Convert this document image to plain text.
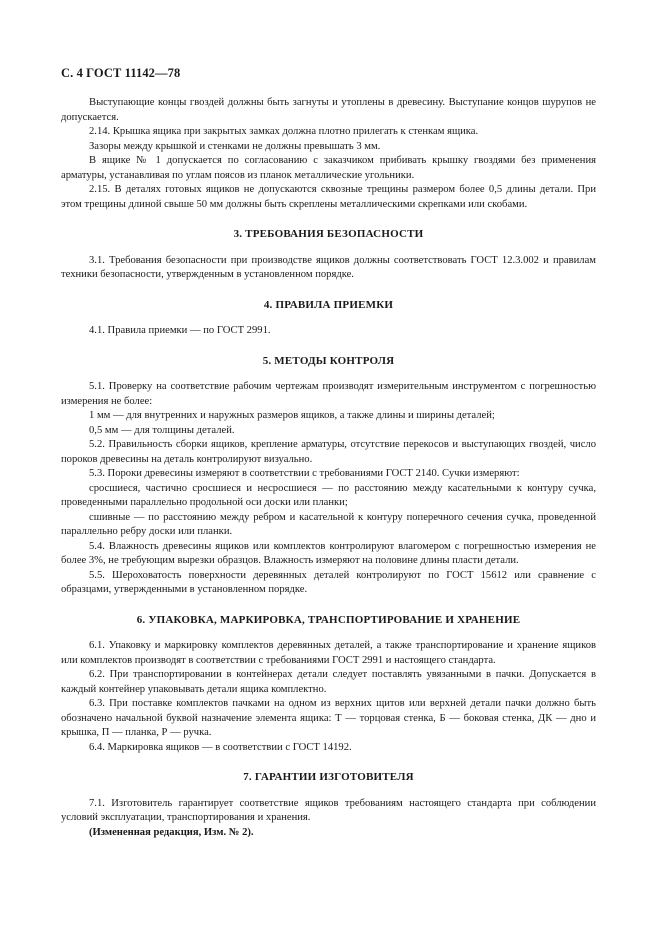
С. 4 ГОСТ 11142—78

Выступающие концы гвоздей должны быть загнуты и утоплены в древесину. Выступание концов шурупов не допускается.

2.14. Крышка ящика при закрытых замках должна плотно прилегать к стенкам ящика.

Зазоры между крышкой и стенками не должны превышать 3 мм.

В ящике № 1 допускается по согласованию с заказчиком прибивать крышку гвоздями без применения арматуры, устанавливая по углам поясов из планок металлические угольники.

2.15. В деталях готовых ящиков не допускаются сквозные трещины размером более 0,5 длины детали. При этом трещины длиной свыше 50 мм должны быть скреплены металлическими скрепками или скобами.

3. ТРЕБОВАНИЯ БЕЗОПАСНОСТИ

3.1. Требования безопасности при производстве ящиков должны соответствовать ГОСТ 12.3.002 и правилам техники безопасности, утвержденным в установленном порядке.

4. ПРАВИЛА ПРИЕМКИ

4.1. Правила приемки — по ГОСТ 2991.

5. МЕТОДЫ КОНТРОЛЯ

5.1. Проверку на соответствие рабочим чертежам производят измерительным инструментом с погрешностью измерения не более:

1 мм — для внутренних и наружных размеров ящиков, а также длины и ширины деталей;

0,5 мм — для толщины деталей.

5.2. Правильность сборки ящиков, крепление арматуры, отсутствие перекосов и выступающих гвоздей, число пороков древесины на деталь контролируют визуально.

5.3. Пороки древесины измеряют в соответствии с требованиями ГОСТ 2140. Сучки измеряют:

сросшиеся, частично сросшиеся и несросшиеся — по расстоянию между касательными к контуру сучка, проведенными параллельно продольной оси доски или планки;

сшивные — по расстоянию между ребром и касательной к контуру поперечного сечения сучка, проведенной параллельно ребру доски или планки.

5.4. Влажность древесины ящиков или комплектов контролируют влагомером с погрешностью измерения не более 3%, не требующим вырезки образцов. Влажность измеряют на половине длины пласти детали.

5.5. Шероховатость поверхности деревянных деталей контролируют по ГОСТ 15612 или сравнение с образцами, утвержденными в установленном порядке.

6. УПАКОВКА, МАРКИРОВКА, ТРАНСПОРТИРОВАНИЕ И ХРАНЕНИЕ

6.1. Упаковку и маркировку комплектов деревянных деталей, а также транспортирование и хранение ящиков или комплектов производят в соответствии с требованиями ГОСТ 2991 и настоящего стандарта.

6.2. При транспортировании в контейнерах детали следует поставлять увязанными в пачки. Допускается в каждый контейнер упаковывать детали ящика комплектно.

6.3. При поставке комплектов пачками на одном из верхних щитов или верхней детали пачки должно быть обозначено начальной буквой назначение элемента ящика: Т — торцовая стенка, Б — боковая стенка, ДК — дно и крышка, П — планка, Р — ручка.

6.4. Маркировка ящиков — в соответствии с ГОСТ 14192.

7. ГАРАНТИИ ИЗГОТОВИТЕЛЯ

7.1. Изготовитель гарантирует соответствие ящиков требованиям настоящего стандарта при соблюдении условий эксплуатации, транспортирования и хранения.

(Измененная редакция, Изм. № 2).
